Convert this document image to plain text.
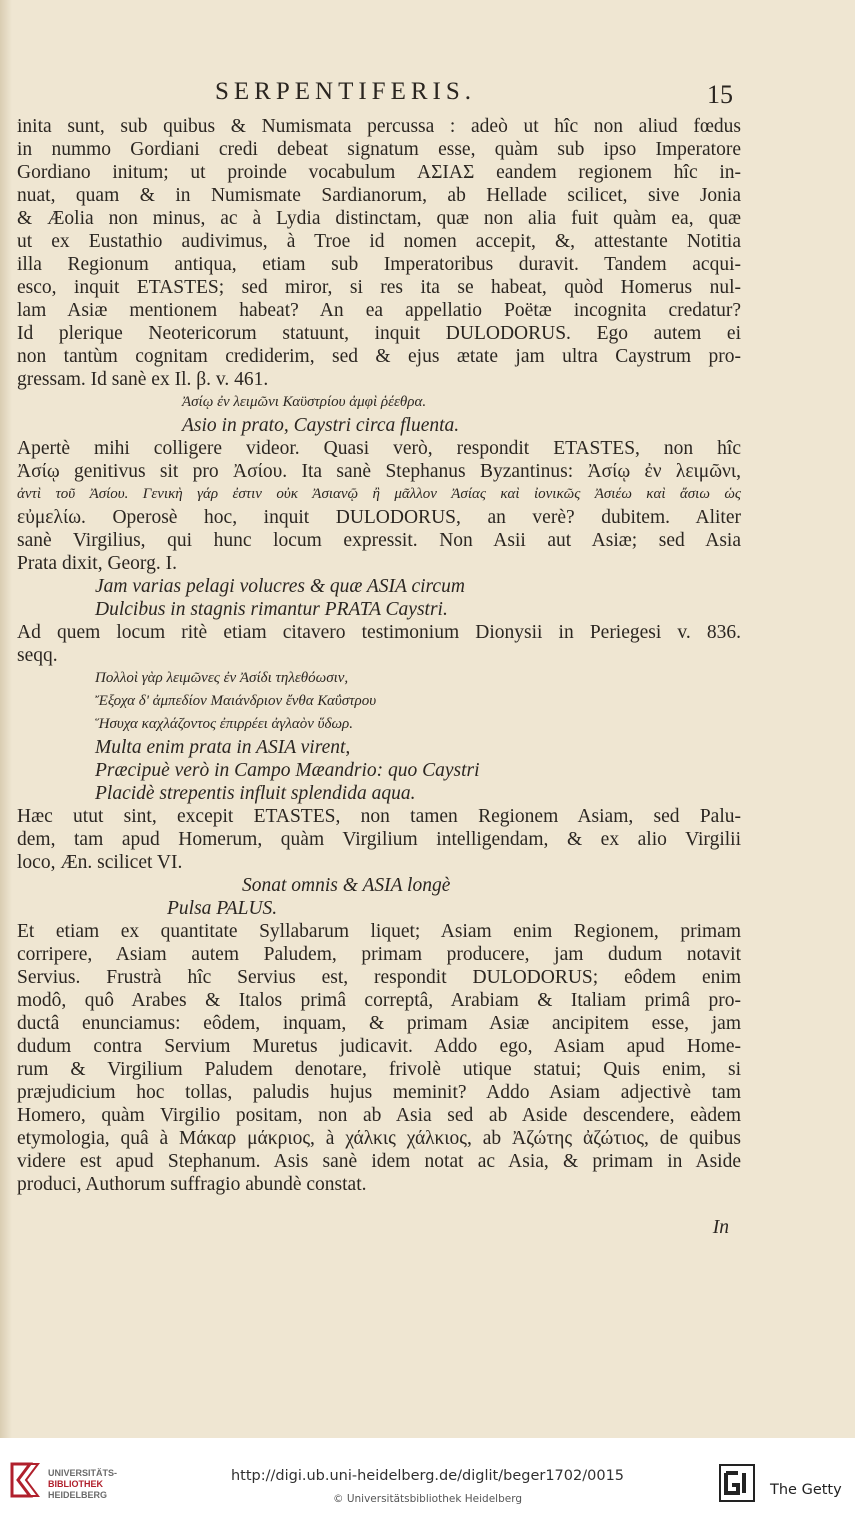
SERPENTIFERIS.	15
inita sunt, sub quibus & Numismata percussa : adeò ut hîc non aliud fœdus
in nummo Gordiani credi debeat signatum esse, quàm sub ipso Imperatore
Gordiano initum; ut proinde vocabulum ΑΣΙΑΣ eandem regionem hîc in-
nuat, quam & in Numismate Sardianorum, ab Hellade scilicet, sive Jonia
& Æolia non minus, ac à Lydia distinctam, quæ non alia fuit quàm ea, quæ
ut ex Eustathio audivimus, à Troe id nomen accepit, &, attestante Notitia
illa Regionum antiqua, etiam sub Imperatoribus duravit. Tandem acqui-
esco, inquit ETASTES; sed miror, si res ita se habeat, quòd Homerus nul-
lam Asiæ mentionem habeat? An ea appellatio Poëtæ incognita credatur?
Id plerique Neotericorum statuunt, inquit DULODORUS. Ego autem ei
non tantùm cognitam crediderim, sed & ejus ætate jam ultra Caystrum pro-
gressam. Id sanè ex Il. β. v. 461.
Ἀσίῳ ἐν λειμῶνι Καϋστρίου ἀμφὶ ῥέεθρα.
Asio in prato, Caystri circa fluenta.
Apertè mihi colligere videor. Quasi verò, respondit ETASTES, non hîc
Ἀσίῳ genitivus sit pro Ἀσίου. Ita sanè Stephanus Byzantinus: Ἀσίῳ ἐν λειμῶνι,
ἀντὶ τοῦ Ἀσίου. Γενικὴ γάρ ἐστιν οὐκ Ἀσιανῷ ἢ μᾶλλον Ἀσίας καὶ ἰονικῶς Ἀσιέω καὶ ἄσιω ὡς
εὐμελίω. Operosè hoc, inquit DULODORUS, an verè? dubitem. Aliter
sanè Virgilius, qui hunc locum expressit. Non Asii aut Asiæ; sed Asia
Prata dixit, Georg. I.
Jam varias pelagi volucres & quæ ASIA circum
Dulcibus in stagnis rimantur PRATA Caystri.
Ad quem locum ritè etiam citavero testimonium Dionysii in Periegesi v. 836.
seqq.
Πολλοὶ γὰρ λειμῶνες ἐν Ἀσίδι τηλεθόωσιν,
Ἔξοχα δ' ἀμπεδίον Μαιάνδριον ἔνθα Καΰστρου
Ἥσυχα καχλάζοντος ἐπιρρέει ἀγλαὸν ὕδωρ.
Multa enim prata in ASIA virent,
Præcipuè verò in Campo Mæandrio: quo Caystri
Placidè strepentis influit splendida aqua.
Hæc utut sint, excepit ETASTES, non tamen Regionem Asiam, sed Palu-
dem, tam apud Homerum, quàm Virgilium intelligendam, & ex alio Virgilii
loco, Æn. scilicet VI.
Sonat omnis & ASIA longè
Pulsa PALUS.
Et etiam ex quantitate Syllabarum liquet; Asiam enim Regionem, primam
corripere, Asiam autem Paludem, primam producere, jam dudum notavit
Servius. Frustrà hîc Servius est, respondit DULODORUS; eôdem enim
modô, quô Arabes & Italos primâ correptâ, Arabiam & Italiam primâ pro-
ductâ enunciamus: eôdem, inquam, & primam Asiæ ancipitem esse, jam
dudum contra Servium Muretus judicavit. Addo ego, Asiam apud Home-
rum & Virgilium Paludem denotare, frivolè utique statui; Quis enim, si
præjudicium hoc tollas, paludis hujus meminit? Addo Asiam adjectivè tam
Homero, quàm Virgilio positam, non ab Asia sed ab Aside descendere, eàdem
etymologia, quâ à Μάκαρ μάκριος, à χάλκις χάλκιος, ab Ἀζώτης ἀζώτιος, de quibus
videre est apud Stephanum. Asis sanè idem notat ac Asia, & primam in Aside
produci, Authorum suffragio abundè constat.
In
UNIVERSITÄTS-
BIBLIOTHEK
HEIDELBERG
http://digi.ub.uni-heidelberg.de/diglit/beger1702/0015
© Universitätsbibliothek Heidelberg
The Getty
